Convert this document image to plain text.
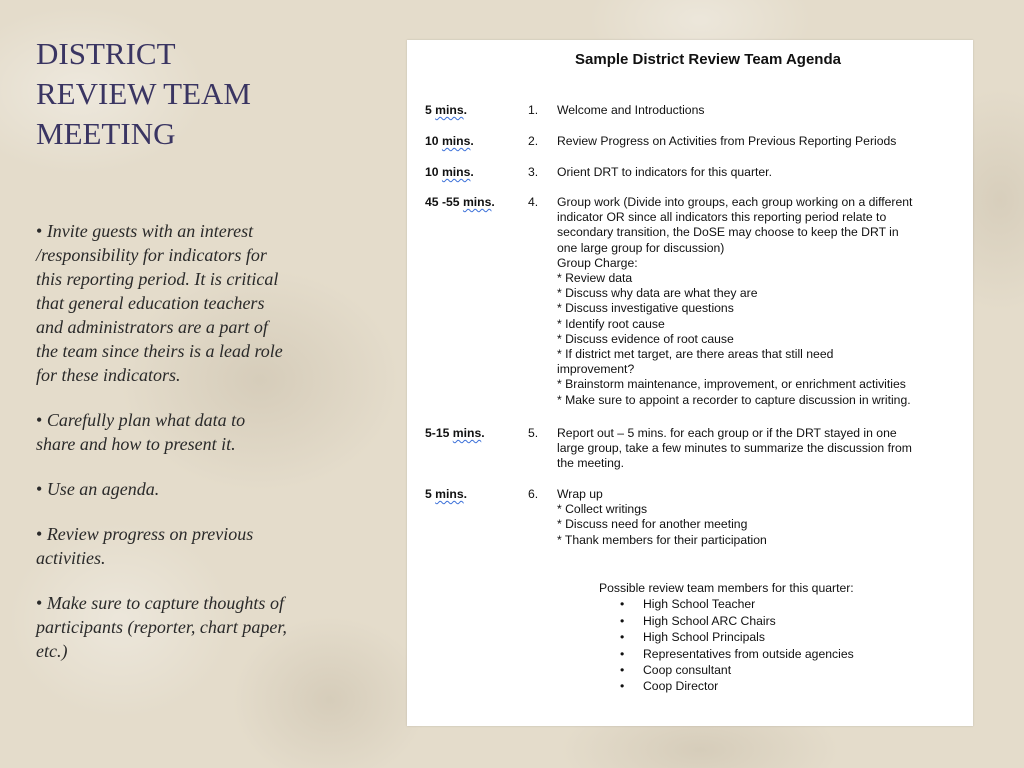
DISTRICT
REVIEW TEAM
MEETING
• Invite guests with an interest
/responsibility for indicators for
this reporting period. It is critical
that general education teachers
and administrators are a part of
the team since theirs is a lead role
for these indicators.
• Carefully plan what data to
share and how to present it.
• Use an agenda.
• Review progress on previous
activities.
• Make sure to capture thoughts of
participants (reporter, chart paper,
etc.)
Sample District Review Team Agenda
Possible review team members for this quarter:
• High School Teacher
• High School ARC Chairs
• High School Principals
• Representatives from outside agencies
• Coop consultant
• Coop Director
5 mins.	1. Welcome and Introductions
10 mins.	2. Review Progress on Activities from Previous Reporting Periods
10 mins.	3. Orient DRT to indicators for this quarter.
45 -55 mins.	4. Group work (Divide into groups, each group working on a different
indicator OR since all indicators this reporting period relate to
secondary transition, the DoSE may choose to keep the DRT in
one large group for discussion)
Group Charge:
* Review data
* Discuss why data are what they are
* Discuss investigative questions
* Identify root cause
* Discuss evidence of root cause
* If district met target, are there areas that still need
improvement?
* Brainstorm maintenance, improvement, or enrichment activities
* Make sure to appoint a recorder to capture discussion in writing.
5-15 mins.	5. Report out – 5 mins. for each group or if the DRT stayed in one
large group, take a few minutes to summarize the discussion from
the meeting.
5 mins.	6. Wrap up
* Collect writings
* Discuss need for another meeting
* Thank members for their participation
